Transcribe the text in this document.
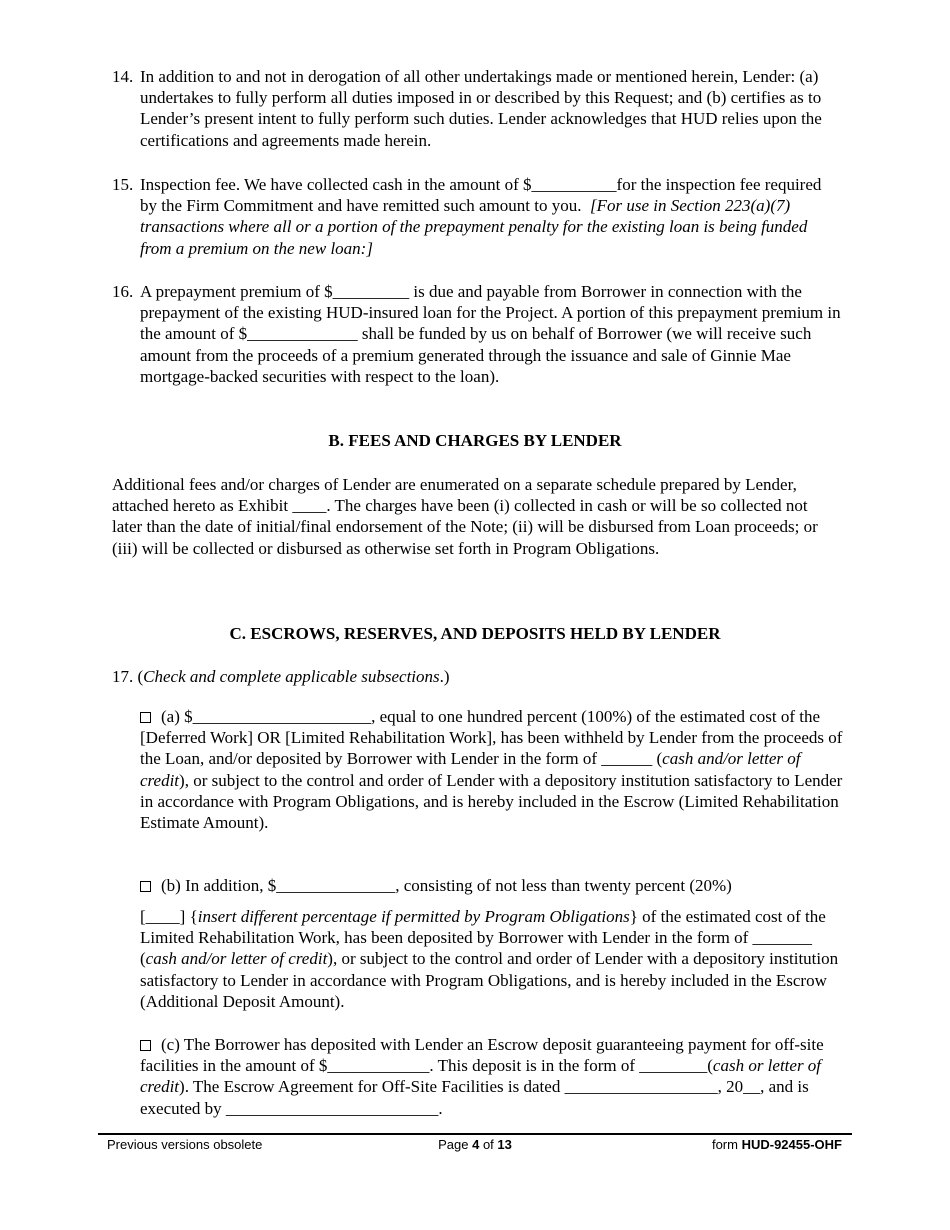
14. In addition to and not in derogation of all other undertakings made or mentioned herein, Lender: (a) undertakes to fully perform all duties imposed in or described by this Request; and (b) certifies as to Lender’s present intent to fully perform such duties. Lender acknowledges that HUD relies upon the certifications and agreements made herein.
15. Inspection fee. We have collected cash in the amount of $__________for the inspection fee required by the Firm Commitment and have remitted such amount to you. [For use in Section 223(a)(7) transactions where all or a portion of the prepayment penalty for the existing loan is being funded from a premium on the new loan:]
16. A prepayment premium of $_________ is due and payable from Borrower in connection with the prepayment of the existing HUD-insured loan for the Project. A portion of this prepayment premium in the amount of $_____________ shall be funded by us on behalf of Borrower (we will receive such amount from the proceeds of a premium generated through the issuance and sale of Ginnie Mae mortgage-backed securities with respect to the loan).
B. FEES AND CHARGES BY LENDER
Additional fees and/or charges of Lender are enumerated on a separate schedule prepared by Lender, attached hereto as Exhibit ____. The charges have been (i) collected in cash or will be so collected not later than the date of initial/final endorsement of the Note; (ii) will be disbursed from Loan proceeds; or (iii) will be collected or disbursed as otherwise set forth in Program Obligations.
C. ESCROWS, RESERVES, AND DEPOSITS HELD BY LENDER
17. (Check and complete applicable subsections.)
(a) $_____________________, equal to one hundred percent (100%) of the estimated cost of the [Deferred Work] OR [Limited Rehabilitation Work], has been withheld by Lender from the proceeds of the Loan, and/or deposited by Borrower with Lender in the form of ______ (cash and/or letter of credit), or subject to the control and order of Lender with a depository institution satisfactory to Lender in accordance with Program Obligations, and is hereby included in the Escrow (Limited Rehabilitation Estimate Amount).
(b) In addition, $______________, consisting of not less than twenty percent (20%)
[____] {insert different percentage if permitted by Program Obligations} of the estimated cost of the Limited Rehabilitation Work, has been deposited by Borrower with Lender in the form of _______ (cash and/or letter of credit), or subject to the control and order of Lender with a depository institution satisfactory to Lender in accordance with Program Obligations, and is hereby included in the Escrow (Additional Deposit Amount).
(c) The Borrower has deposited with Lender an Escrow deposit guaranteeing payment for off-site facilities in the amount of $____________. This deposit is in the form of ________(cash or letter of credit). The Escrow Agreement for Off-Site Facilities is dated __________________, 20__, and is executed by _________________________.
Previous versions obsolete	Page 4 of 13	form HUD-92455-OHF
